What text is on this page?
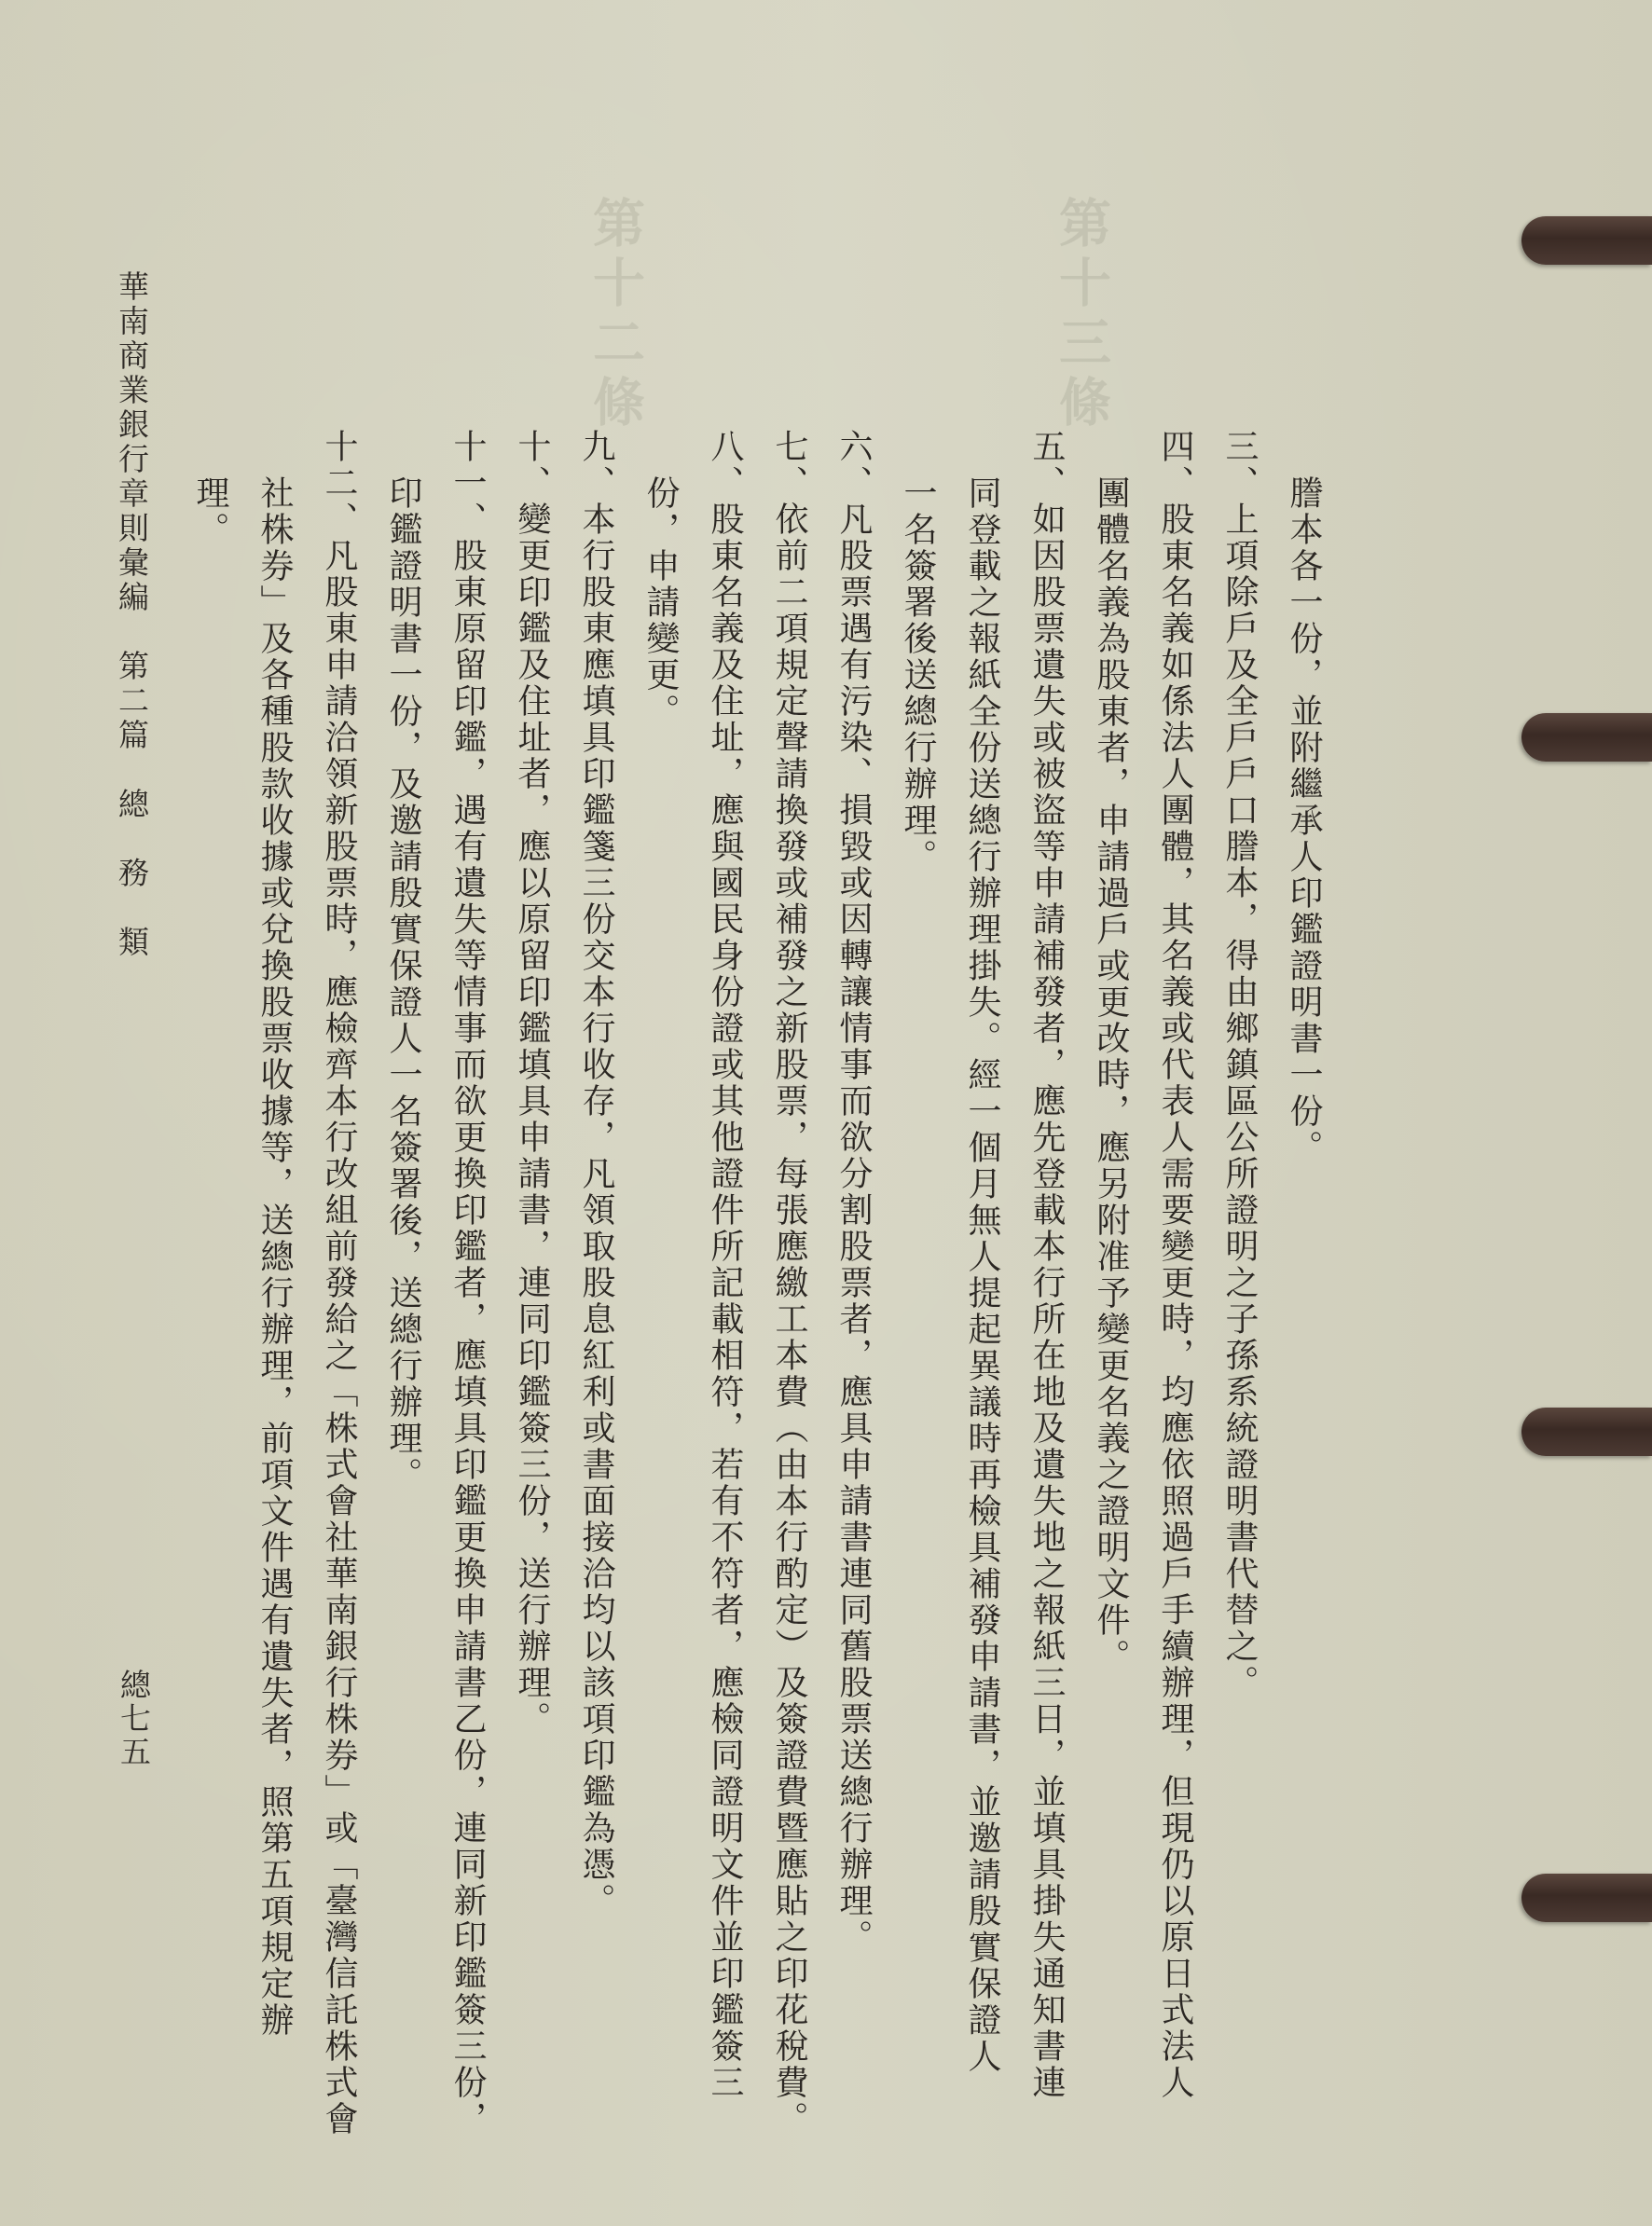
第十二條	第十三條
謄本各一份，並附繼承人印鑑證明書一份。
三、上項除戶及全戶戶口謄本，得由鄉鎮區公所證明之子孫系統證明書代替之。
四、股東名義如係法人團體，其名義或代表人需要變更時，均應依照過戶手續辦理，但現仍以原日式法人
團體名義為股東者，申請過戶或更改時，應另附准予變更名義之證明文件。
五、如因股票遺失或被盜等申請補發者，應先登載本行所在地及遺失地之報紙三日，並填具掛失通知書連
同登載之報紙全份送總行辦理掛失。經一個月無人提起異議時再檢具補發申請書，並邀請殷實保證人
一名簽署後送總行辦理。
六、凡股票遇有污染、損毀或因轉讓情事而欲分割股票者，應具申請書連同舊股票送總行辦理。
七、依前二項規定聲請換發或補發之新股票，每張應繳工本費（由本行酌定）及簽證費暨應貼之印花稅費。
八、股東名義及住址，應與國民身份證或其他證件所記載相符，若有不符者，應檢同證明文件並印鑑簽三
份，申請變更。
九、本行股東應填具印鑑箋三份交本行收存，凡領取股息紅利或書面接洽均以該項印鑑為憑。
十、變更印鑑及住址者，應以原留印鑑填具申請書，連同印鑑簽三份，送行辦理。
十一、股東原留印鑑，遇有遺失等情事而欲更換印鑑者，應填具印鑑更換申請書乙份，連同新印鑑簽三份，
印鑑證明書一份，及邀請殷實保證人一名簽署後，送總行辦理。
十二、凡股東申請洽領新股票時，應檢齊本行改組前發給之「株式會社華南銀行株券」或「臺灣信託株式會
社株券」及各種股款收據或兌換股票收據等，送總行辦理，前項文件遇有遺失者，照第五項規定辦
理。
華南商業銀行章則彙編　第二篇　總　務　類
總七五
